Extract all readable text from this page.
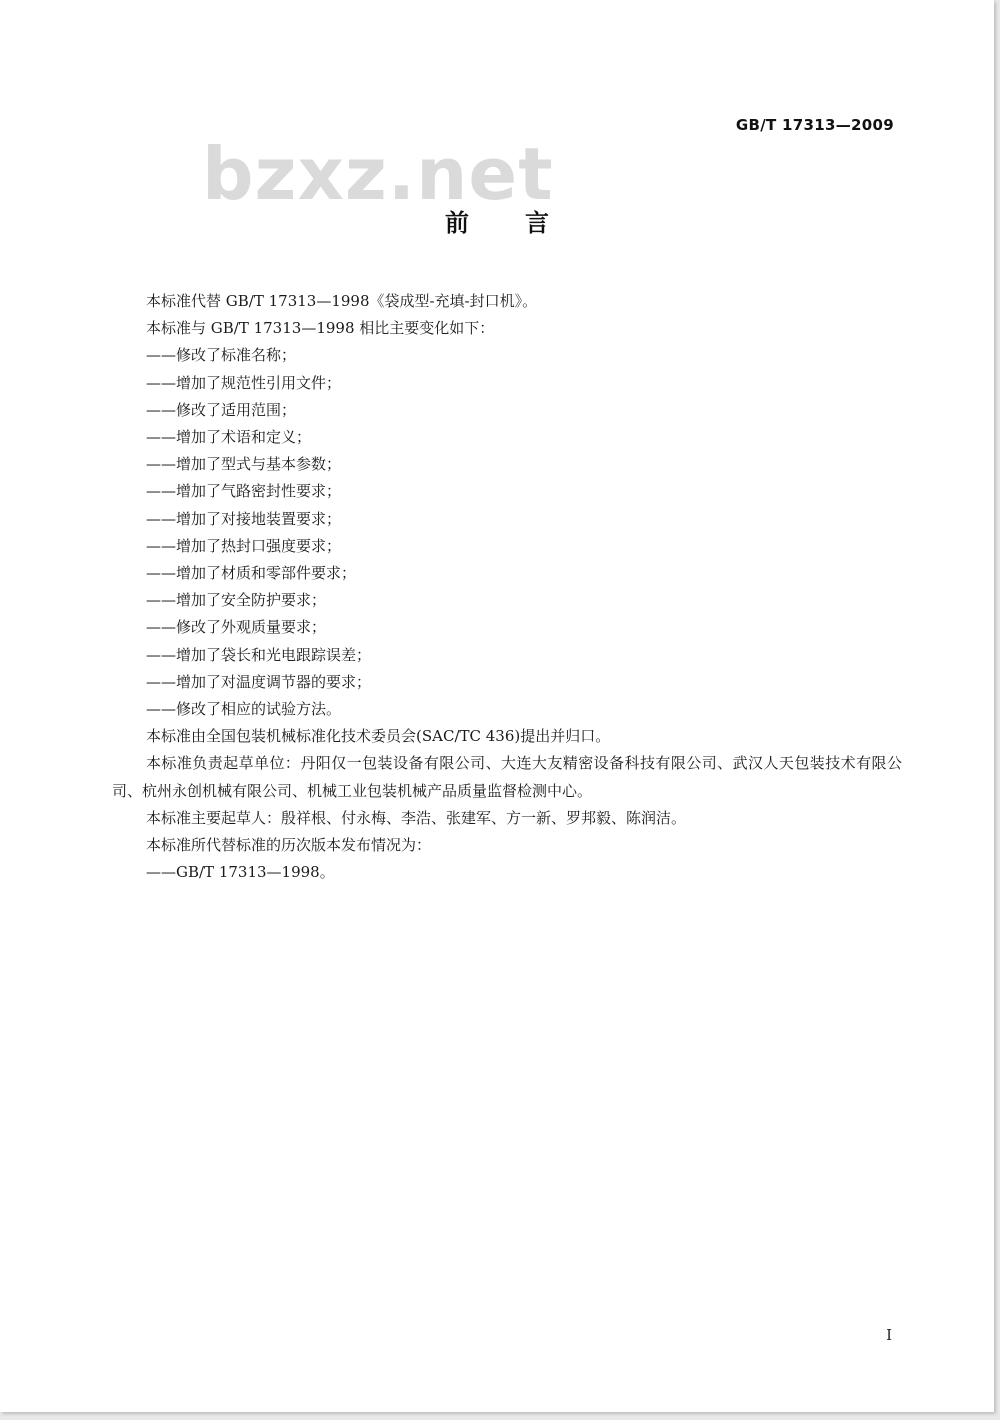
GB/T 17313—2009
bzxz.net
前言

本标准代替 GB/T 17313—1998《袋成型-充填-封口机》。

本标准与 GB/T 17313—1998 相比主要变化如下：

——修改了标准名称；

——增加了规范性引用文件；

——修改了适用范围；

——增加了术语和定义；

——增加了型式与基本参数；

——增加了气路密封性要求；

——增加了对接地装置要求；

——增加了热封口强度要求；

——增加了材质和零部件要求；

——增加了安全防护要求；

——修改了外观质量要求；

——增加了袋长和光电跟踪误差；

——增加了对温度调节器的要求；

——修改了相应的试验方法。

本标准由全国包装机械标准化技术委员会(SAC/TC 436)提出并归口。

本标准负责起草单位：丹阳仅一包装设备有限公司、大连大友精密设备科技有限公司、武汉人天包装技术有限公司、杭州永创机械有限公司、机械工业包装机械产品质量监督检测中心。

本标准主要起草人：殷祥根、付永梅、李浩、张建军、方一新、罗邦毅、陈润洁。

本标准所代替标准的历次版本发布情况为：

——GB/T 17313—1998。

I
